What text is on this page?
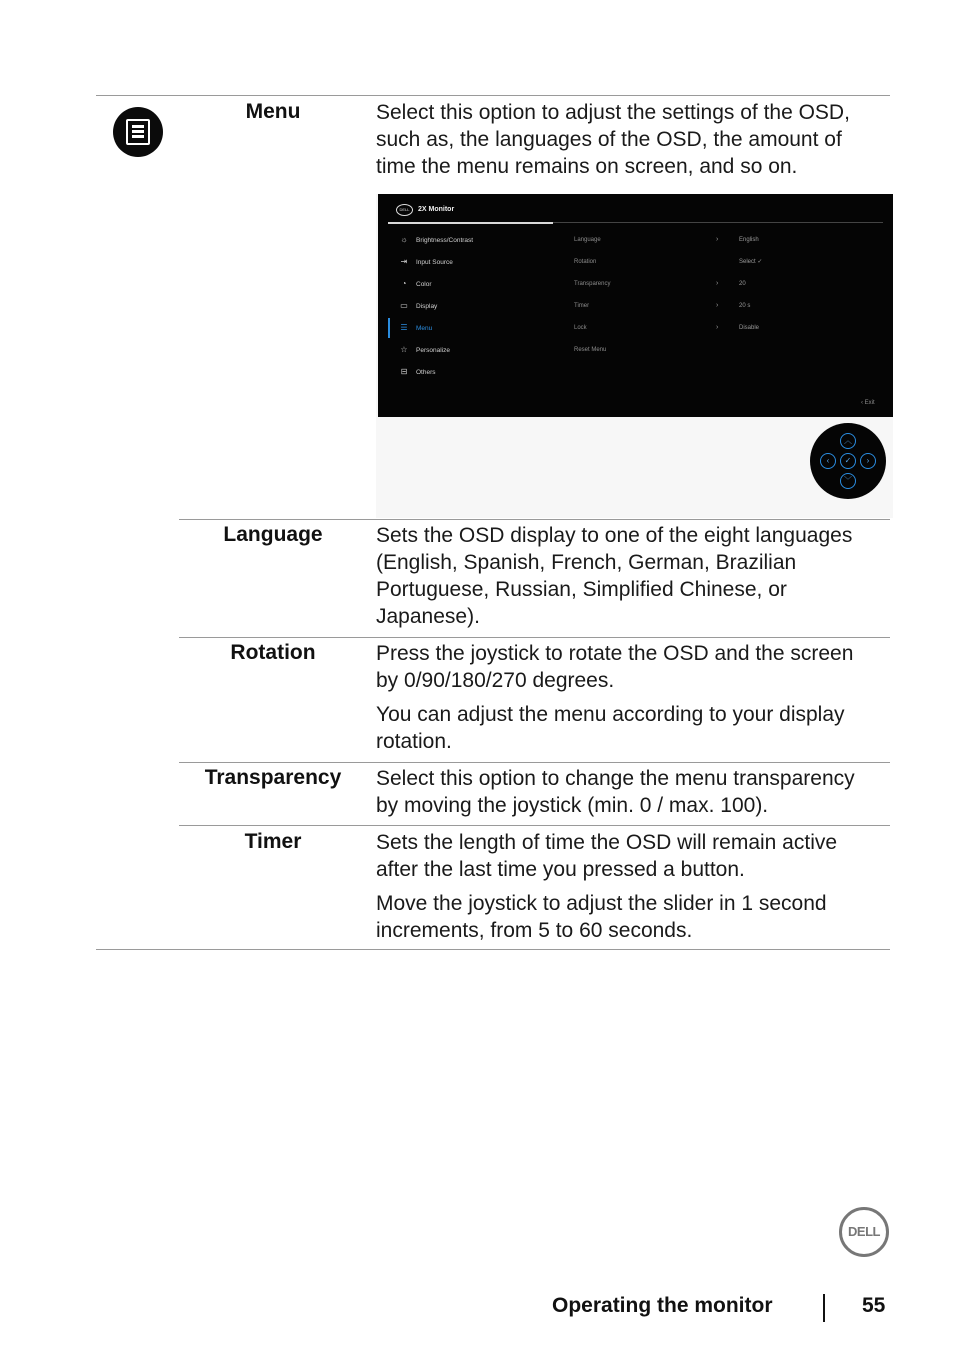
Menu	Select this option to adjust the settings of the OSD, such as, the languages of the OSD, the amount of time the menu remains on screen, and so on.

DELL	2X Monitor
☼ Brightness/Contrast
⇥ Input Source
◔ Color
▭ Display
☰ Menu
☆ Personalize
⊟ Others
Language
Rotation
Transparency
Timer
Lock
Reset Menu
›
›
›
›
English
Select ✓
20
20 s
Disable
‹ Exit
︿
‹	✓	›
﹀
Language	Sets the OSD display to one of the eight languages (English, Spanish, French, German, Brazilian Portuguese, Russian, Simplified Chinese, or Japanese).

Rotation	Press the joystick to rotate the OSD and the screen by 0/90/180/270 degrees.

You can adjust the menu according to your display rotation.

Transparency	Select this option to change the menu transparency by moving the joystick (min. 0 / max. 100).

Timer	Sets the length of time the OSD will remain active after the last time you pressed a button.

Move the joystick to adjust the slider in 1 second increments, from 5 to 60 seconds.

DELL
Operating the monitor	55
